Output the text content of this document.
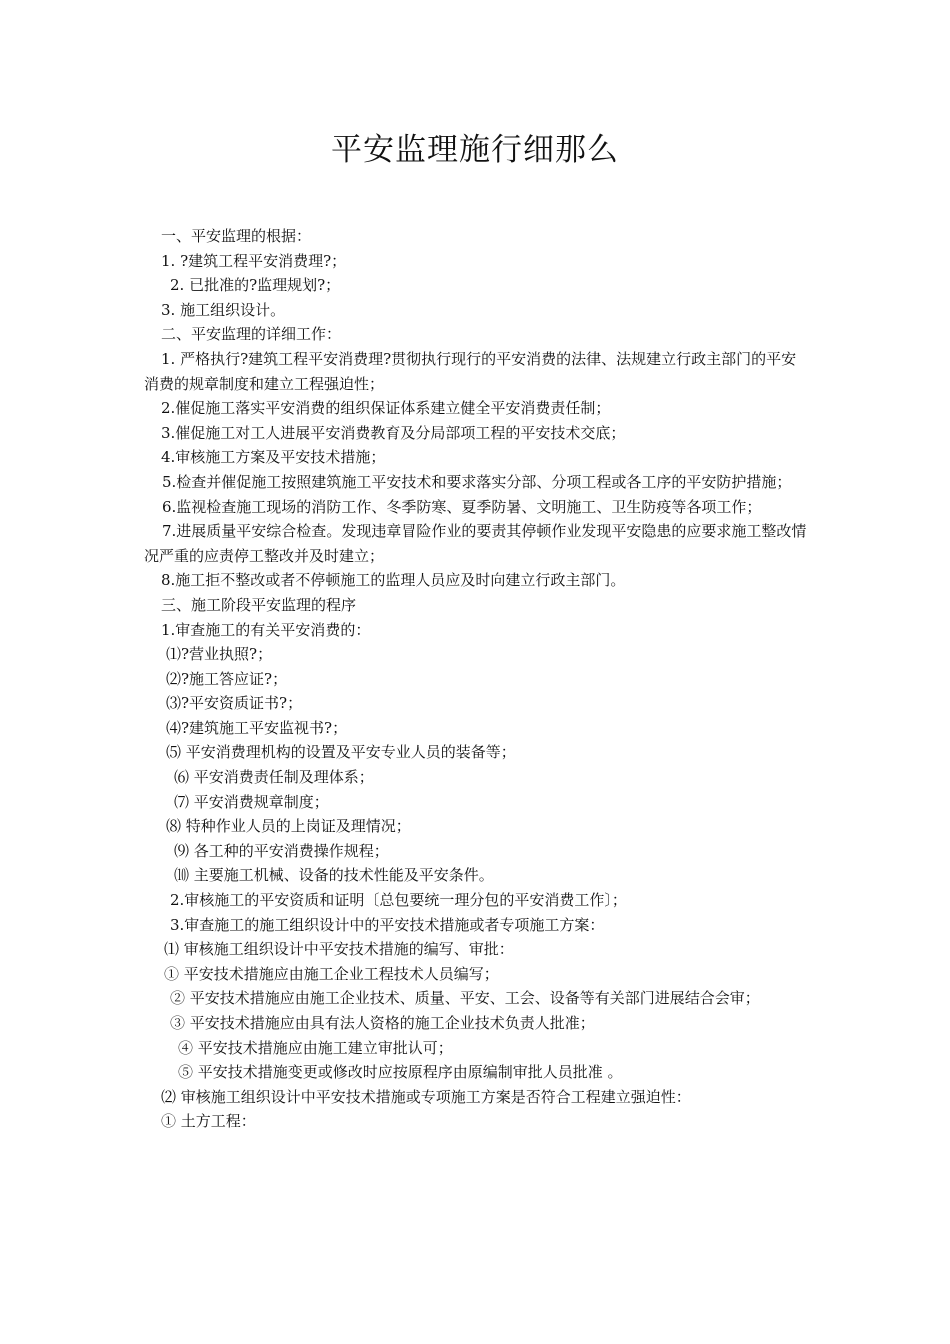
平安监理施行细那么

一、平安监理的根据：

1. ?建筑工程平安消费理?；

2. 已批准的?监理规划?；

3. 施工组织设计。

二、平安监理的详细工作：

1. 严格执行?建筑工程平安消费理?贯彻执行现行的平安消费的法律、法规建立行政主部门的平安消费的规章制度和建立工程强迫性；

2.催促施工落实平安消费的组织保证体系建立健全平安消费责任制；

3.催促施工对工人进展平安消费教育及分局部项工程的平安技术交底；

4.审核施工方案及平安技术措施；

5.检查并催促施工按照建筑施工平安技术和要求落实分部、分项工程或各工序的平安防护措施；

6.监视检查施工现场的消防工作、冬季防寒、夏季防暑、文明施工、卫生防疫等各项工作；

7.进展质量平安综合检查。发现违章冒险作业的要责其停顿作业发现平安隐患的应要求施工整改情况严重的应责停工整改并及时建立；

8.施工拒不整改或者不停顿施工的监理人员应及时向建立行政主部门。

三、施工阶段平安监理的程序

1.审查施工的有关平安消费的：

⑴?营业执照?；

⑵?施工答应证?；

⑶?平安资质证书?；

⑷?建筑施工平安监视书?；

⑸ 平安消费理机构的设置及平安专业人员的装备等；

⑹ 平安消费责任制及理体系；

⑺ 平安消费规章制度；

⑻ 特种作业人员的上岗证及理情况；

⑼ 各工种的平安消费操作规程；

⑽ 主要施工机械、设备的技术性能及平安条件。

2.审核施工的平安资质和证明〔总包要统一理分包的平安消费工作〕；

3.审查施工的施工组织设计中的平安技术措施或者专项施工方案：

⑴ 审核施工组织设计中平安技术措施的编写、审批：

① 平安技术措施应由施工企业工程技术人员编写；

② 平安技术措施应由施工企业技术、质量、平安、工会、设备等有关部门进展结合会审；

③ 平安技术措施应由具有法人资格的施工企业技术负责人批准；

④ 平安技术措施应由施工建立审批认可；

⑤ 平安技术措施变更或修改时应按原程序由原编制审批人员批准 。

⑵ 审核施工组织设计中平安技术措施或专项施工方案是否符合工程建立强迫性：

① 土方工程：
